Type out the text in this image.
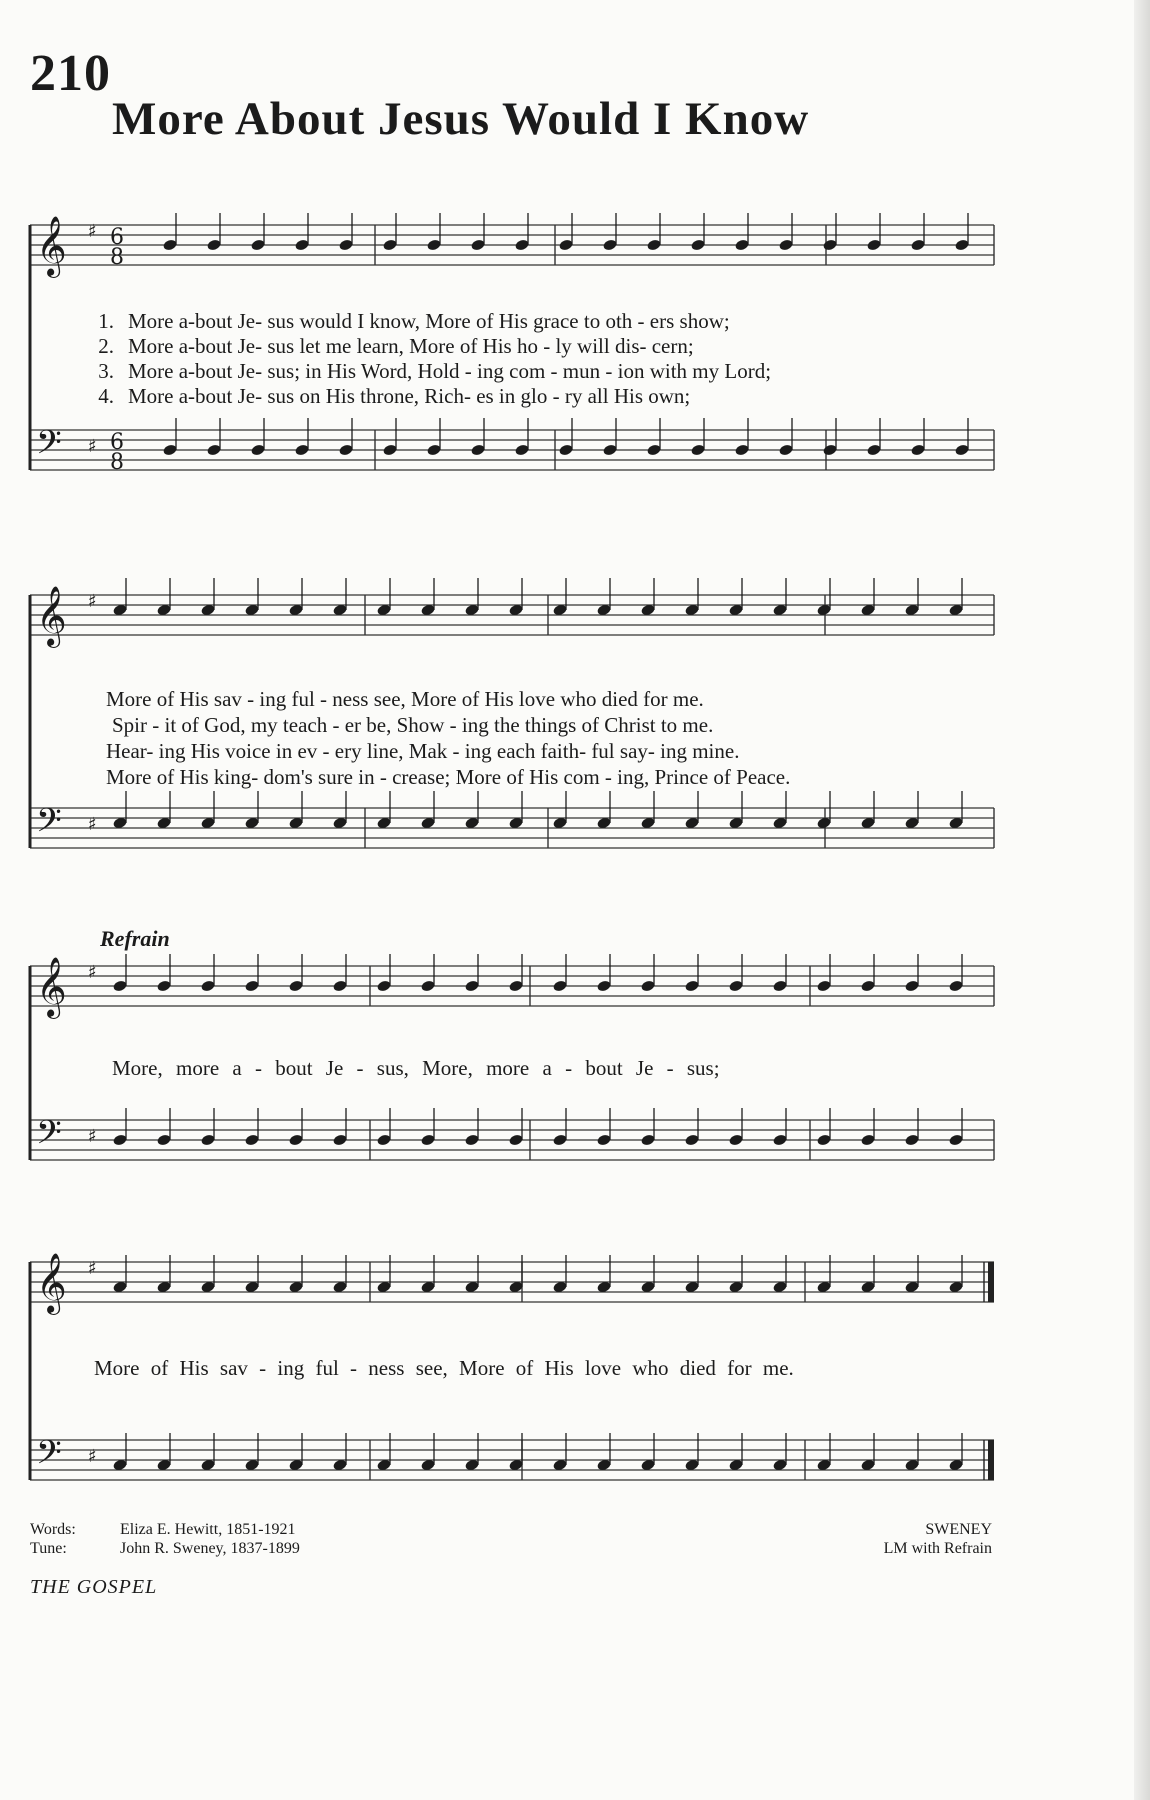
210
More About Jesus Would I Know
𝄞 ♯ 6
8
𝄢 ♯ 6
8
𝄞 ♯
𝄢 ♯
𝄞 ♯
𝄢 ♯
𝄞 ♯
𝄢 ♯
1. More a-bout Je- sus would I know, More of His grace to oth - ers show;
2. More a-bout Je- sus let me learn, More of His ho - ly will dis- cern;
3. More a-bout Je- sus; in His Word, Hold - ing com - mun - ion with my Lord;
4. More a-bout Je- sus on His throne, Rich- es in glo - ry all His own;
More of His sav - ing ful - ness see, More of His love who died for me.
Spir - it of God, my teach - er be, Show - ing the things of Christ to me.
Hear- ing His voice in ev - ery line, Mak - ing each faith- ful say- ing mine.
More of His king- dom's sure in - crease; More of His com - ing, Prince of Peace.
Refrain
More, more a - bout Je - sus, More, more a - bout Je - sus;
More of His sav - ing ful - ness see, More of His love who died for me.
Words:	Eliza E. Hewitt, 1851-1921
Tune:	John R. Sweney, 1837-1899
SWENEY
LM with Refrain
THE GOSPEL
